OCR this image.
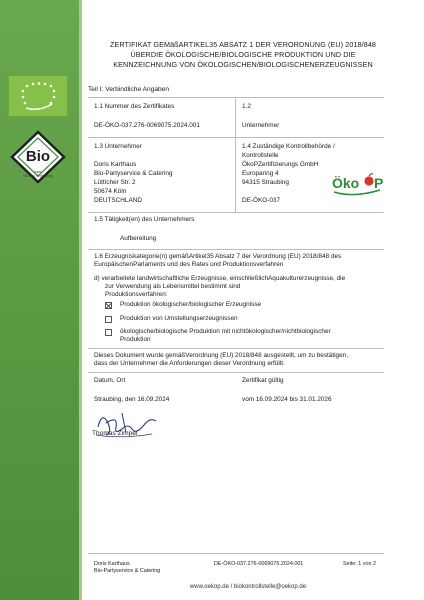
Bio
nach
EG-Öko-Verordnung
ZERTIFIKAT GEMäßARTIKEL35 ABSATZ 1 DER VERORDNUNG (EU) 2018/848
ÜBERDIE ÖKOLOGISCHE/BIOLOGISCHE PRODUKTION UND DIE
KENNZEICHNUNG VON ÖKOLOGISCHEN/BIOLOGISCHENERZEUGNISSEN
Teil I: Verbindliche Angaben
1.1 Nummer des Zertifikates	1.2
DE-ÖKO-037.276-0069075.2024.001	Unternehmer
1.3 Unternehmer
Doris Karthaus
Bio-Partyservice & Catering
Lüttícher Str. 2
50674 Köln
DEUTSCHLAND
1.4 Zuständige Kontrollbehörde /
Kontrollstelle
ÖkoPZertifizierungs GmbH
Europaring 4
94315 Straubing
DE-ÖKO-037
Öko P
1.5 Tätigkeit(en) des Unternehmers
Aufbereitung
1.6 Erzeugniskategorie(n) gemäßArtikel35 Absatz 7 der Verordnung (EU) 2018/848 des
EuropäischenParlaments und des Rates und Produktionsverfahren
d) verarbeitete landwirtschaftliche Erzeugnisse, einschließlichAquakulturerzeugnisse, die
zur Verwendung als Lebensmittel bestimmt sind
Produktionsverfahren:
Produktion ökologischer/biologischer Erzeugnisse
Produktion von Umstellungserzeugnissen
ökologische/biologische Produktion mit nichtökologischer/nichtbiologischer
Produktion
Dieses Dokument wurde gemäßVerordnung (EU) 2018/848 ausgestellt, um zu bestätigen,
dass der Unternehmer die Anforderungen dieser Verordnung erfüllt.
Datum, Ort	Zertifikat gültig
Straubing, den 16.09.2024	vom 16.09.2024 bis 31.01.2026
Thomas Zimpel
Doris Karthaus
Bio-Partyservice & Catering
DE-ÖKO-037.276-0069075.2024.001	Seite: 1 von 2
www.oekop.de / biokontrollstelle@oekop.de
